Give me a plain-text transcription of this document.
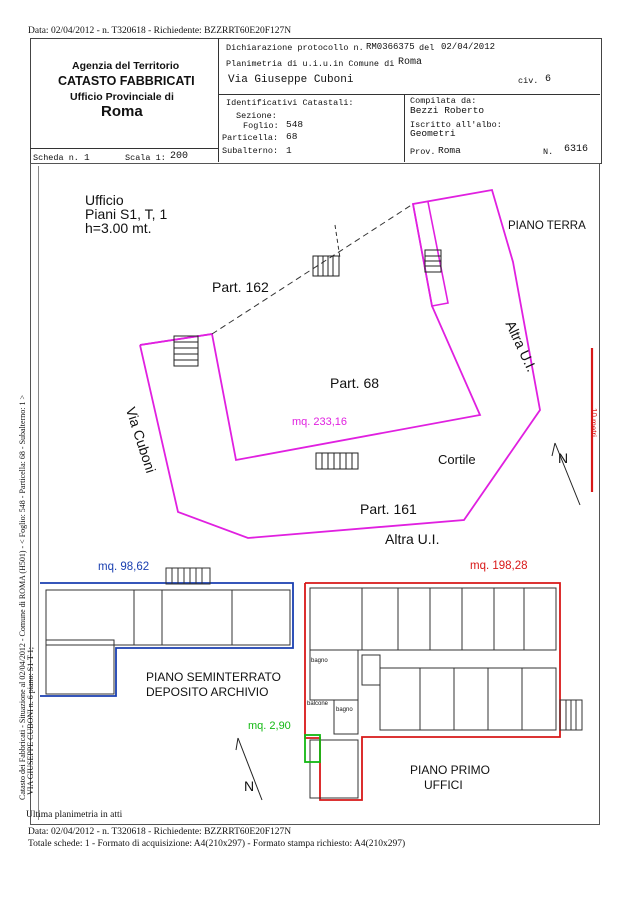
Data: 02/04/2012 - n. T320618 - Richiedente: BZZRRT60E20F127N
Agenzia del Territorio
CATASTO FABBRICATI
Ufficio Provinciale di
Roma
Dichiarazione protocollo n. RM0366375 del 02/04/2012
Planimetria di u.i.u.in Comune di Roma
Via Giuseppe Cuboni	civ. 6
Identificativi Catastali:
Sezione:
Foglio: 548
Particella: 68
Subalterno: 1
Compilata da:
Bezzi Roberto
Iscritto all'albo:
Geometri
Prov. Roma	N. 6316
Scheda n. 1	Scala 1: 200
Ufficio
Piani S1, T, 1
h=3.00 mt.	PIANO TERRA
Part. 162
Part. 68
mq. 233,16
Via Cuboni
Altra U.I.
Cortile
Part. 161
Altra U.I.
N
10 metri
mq. 98,62	mq. 198,28
PIANO SEMINTERRATO
DEPOSITO ARCHIVIO
mq. 2,90
balcone
bagno
bagno
PIANO PRIMO
UFFICI
N
Catasto dei Fabbricati - Situazione al 02/04/2012 - Comune di ROMA (H501) - < Foglio: 548 - Particella: 68 - Subalterno: 1 > VIA GIUSEPPE CUBONI n. 6 piano: S1-T-1;
Ultima planimetria in atti
Data: 02/04/2012 - n. T320618 - Richiedente: BZZRRT60E20F127N
Totale schede: 1 - Formato di acquisizione: A4(210x297) - Formato stampa richiesto: A4(210x297)
